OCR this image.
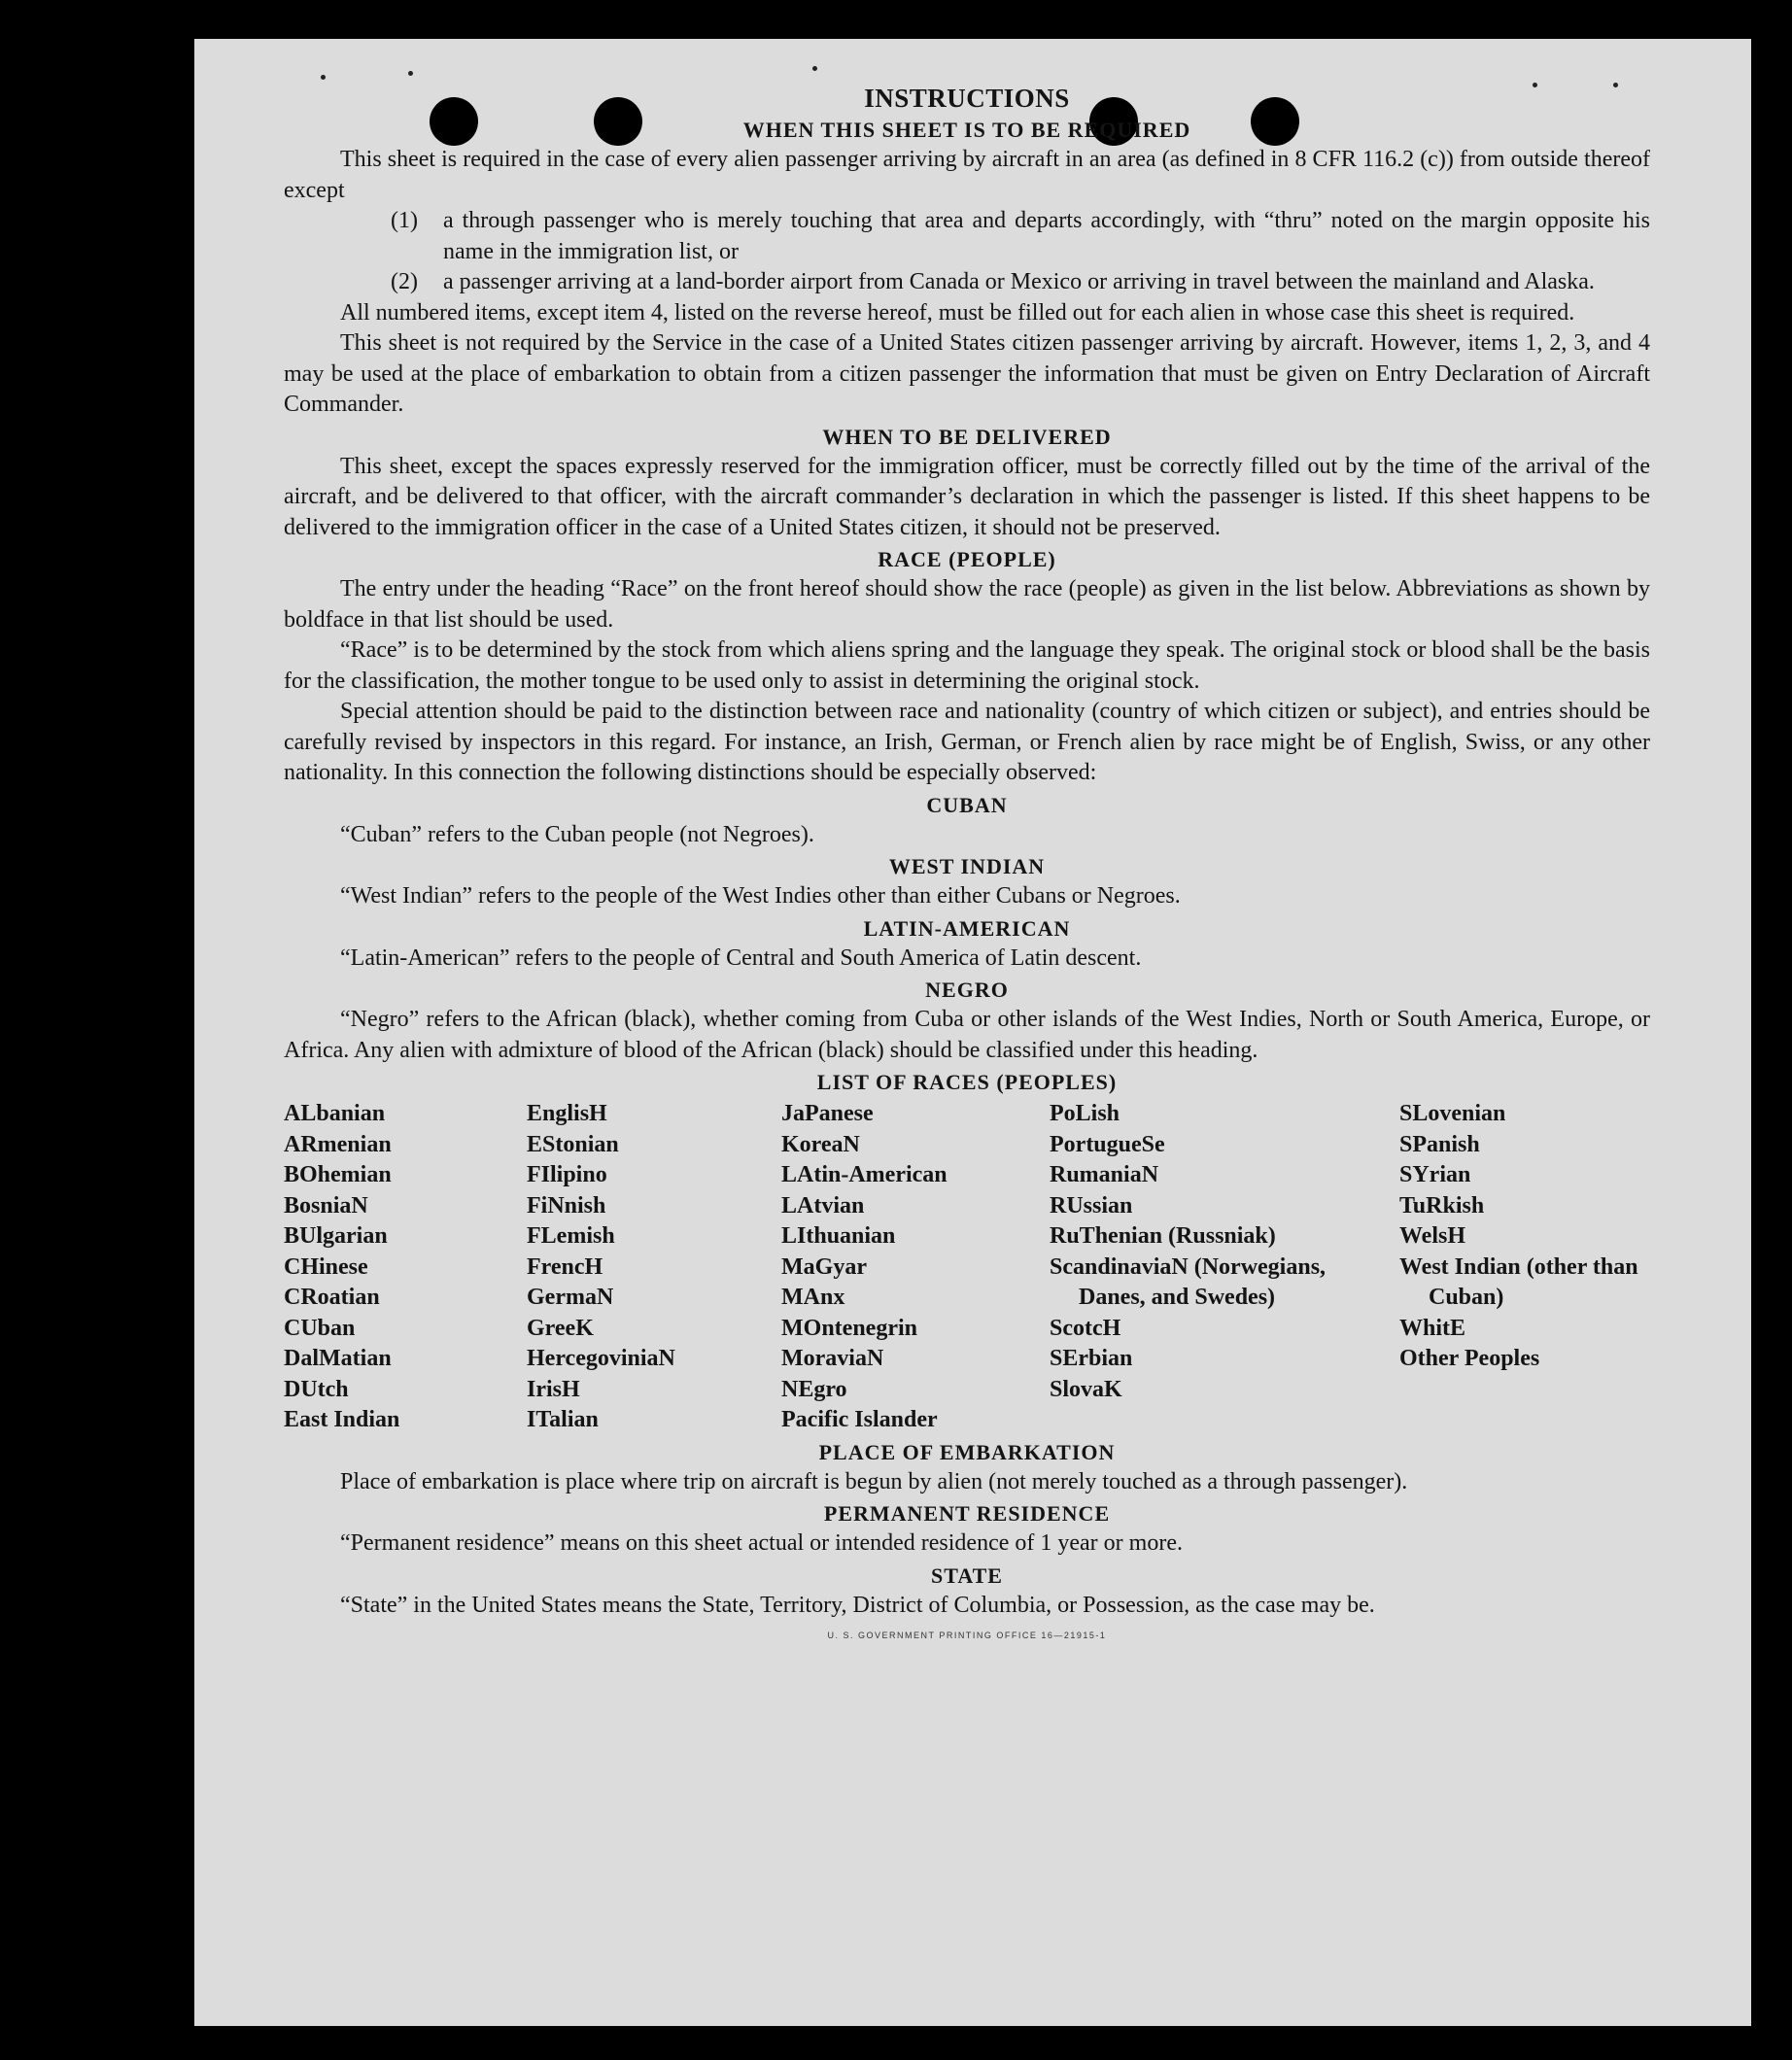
INSTRUCTIONS
WHEN THIS SHEET IS TO BE REQUIRED

This sheet is required in the case of every alien passenger arriving by aircraft in an area (as defined in 8 CFR 116.2 (c)) from outside thereof except

(1)	a through passenger who is merely touching that area and departs accordingly, with “thru” noted on the margin opposite his name in the immigration list, or
(2)	a passenger arriving at a land-border airport from Canada or Mexico or arriving in travel between the mainland and Alaska.

All numbered items, except item 4, listed on the reverse hereof, must be filled out for each alien in whose case this sheet is required.

This sheet is not required by the Service in the case of a United States citizen passenger arriving by aircraft. However, items 1, 2, 3, and 4 may be used at the place of embarkation to obtain from a citizen passenger the information that must be given on Entry Declaration of Aircraft Commander.

WHEN TO BE DELIVERED

This sheet, except the spaces expressly reserved for the immigration officer, must be correctly filled out by the time of the arrival of the aircraft, and be delivered to that officer, with the aircraft commander’s declaration in which the passenger is listed. If this sheet happens to be delivered to the immigration officer in the case of a United States citizen, it should not be preserved.

RACE (PEOPLE)

The entry under the heading “Race” on the front hereof should show the race (people) as given in the list below. Abbreviations as shown by boldface in that list should be used.

“Race” is to be determined by the stock from which aliens spring and the language they speak. The original stock or blood shall be the basis for the classification, the mother tongue to be used only to assist in determining the original stock.

Special attention should be paid to the distinction between race and nationality (country of which citizen or subject), and entries should be carefully revised by inspectors in this regard. For instance, an Irish, German, or French alien by race might be of English, Swiss, or any other nationality. In this connection the following distinctions should be especially observed:

CUBAN

“Cuban” refers to the Cuban people (not Negroes).

WEST INDIAN

“West Indian” refers to the people of the West Indies other than either Cubans or Negroes.

LATIN-AMERICAN

“Latin-American” refers to the people of Central and South America of Latin descent.

NEGRO

“Negro” refers to the African (black), whether coming from Cuba or other islands of the West Indies, North or South America, Europe, or Africa. Any alien with admixture of blood of the African (black) should be classified under this heading.

LIST OF RACES (PEOPLES)
ALbanian
ARmenian
BOhemian
BosniaN
BUlgarian
CHinese
CRoatian
CUban
DalMatian
DUtch
East Indian
EnglisH
EStonian
FIlipino
FiNnish
FLemish
FrencH
GermaN
GreeK
HercegoviniaN
IrisH
ITalian
JaPanese
KoreaN
LAtin-American
LAtvian
LIthuanian
MaGyar
MAnx
MOntenegrin
MoraviaN
NEgro
Pacific Islander
PoLish
PortugueSe
RumaniaN
RUssian
RuThenian (Russniak)
ScandinaviaN (Norwegians, Danes, and Swedes)
ScotcH
SErbian
SlovaK
SLovenian
SPanish
SYrian
TuRkish
WelsH
West Indian (other than Cuban)
WhitE
Other Peoples
PLACE OF EMBARKATION

Place of embarkation is place where trip on aircraft is begun by alien (not merely touched as a through passenger).

PERMANENT RESIDENCE

“Permanent residence” means on this sheet actual or intended residence of 1 year or more.

STATE

“State” in the United States means the State, Territory, District of Columbia, or Possession, as the case may be.

U. S. GOVERNMENT PRINTING OFFICE 16—21915-1
